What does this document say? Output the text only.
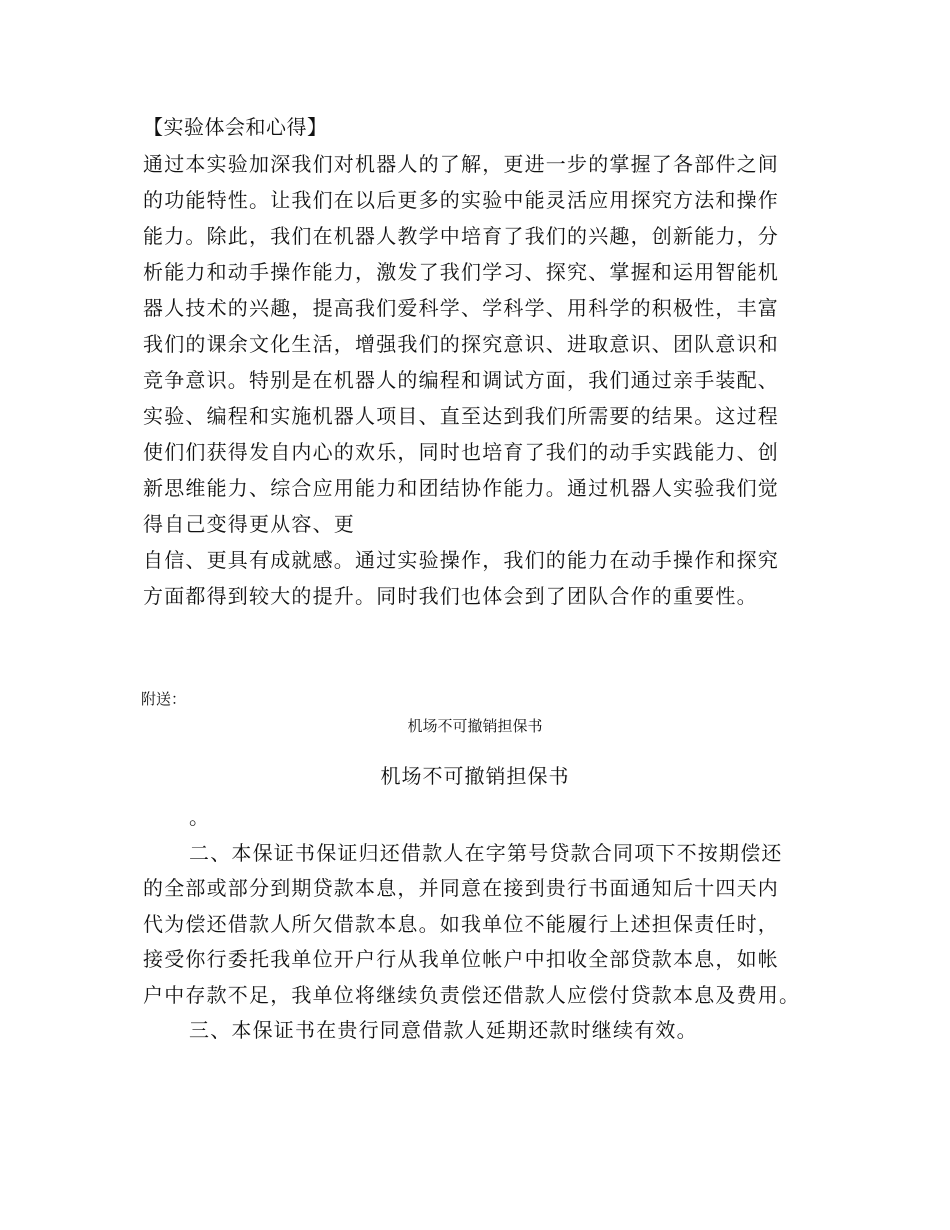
【实验体会和心得】
通过本实验加深我们对机器人的了解，更进一步的掌握了各部件之间
的功能特性。让我们在以后更多的实验中能灵活应用探究方法和操作
能力。除此，我们在机器人教学中培育了我们的兴趣，创新能力，分
析能力和动手操作能力，激发了我们学习、探究、掌握和运用智能机
器人技术的兴趣，提高我们爱科学、学科学、用科学的积极性，丰富
我们的课余文化生活，增强我们的探究意识、进取意识、团队意识和
竞争意识。特别是在机器人的编程和调试方面，我们通过亲手装配、
实验、编程和实施机器人项目、直至达到我们所需要的结果。这过程
使们们获得发自内心的欢乐，同时也培育了我们的动手实践能力、创
新思维能力、综合应用能力和团结协作能力。通过机器人实验我们觉
得自己变得更从容、更
自信、更具有成就感。通过实验操作，我们的能力在动手操作和探究
方面都得到较大的提升。同时我们也体会到了团队合作的重要性。
附送：
机场不可撤销担保书
机场不可撤销担保书
。
二、本保证书保证归还借款人在字第号贷款合同项下不按期偿还
的全部或部分到期贷款本息，并同意在接到贵行书面通知后十四天内
代为偿还借款人所欠借款本息。如我单位不能履行上述担保责任时，
接受你行委托我单位开户行从我单位帐户中扣收全部贷款本息，如帐
户中存款不足，我单位将继续负责偿还借款人应偿付贷款本息及费用。
三、本保证书在贵行同意借款人延期还款时继续有效。
